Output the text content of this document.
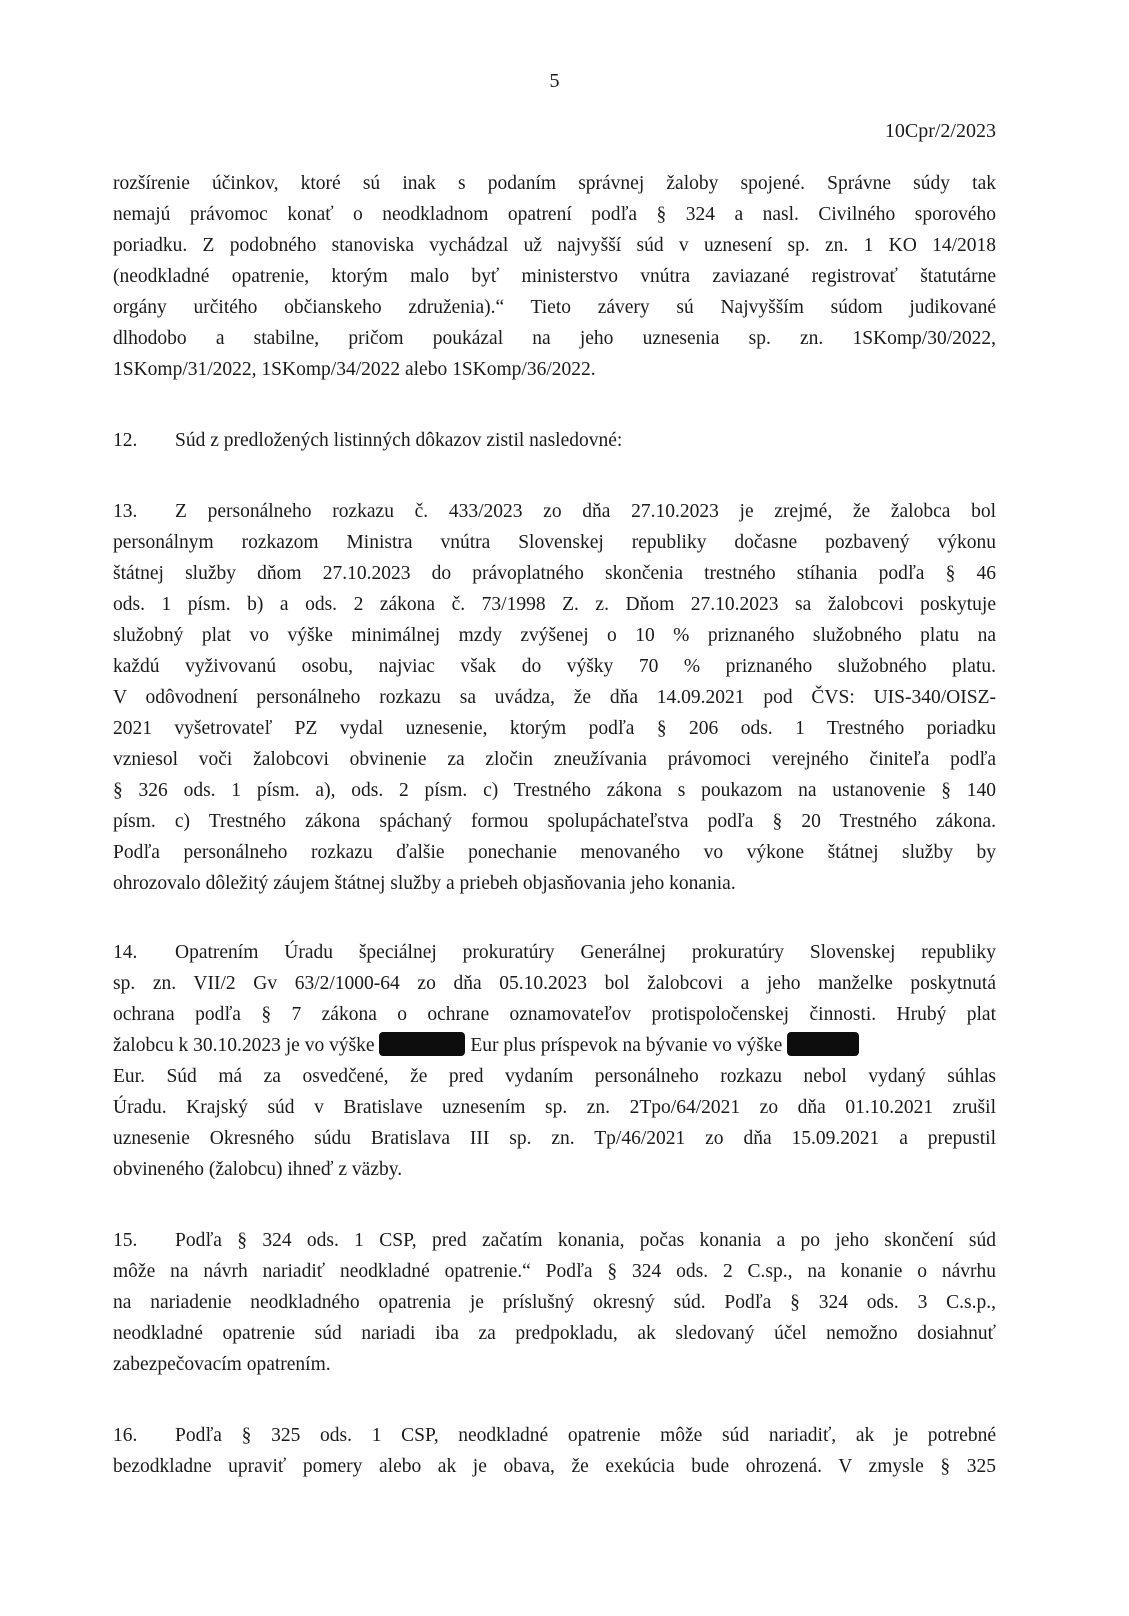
5
10Cpr/2/2023
rozšírenie účinkov, ktoré sú inak s podaním správnej žaloby spojené. Správne súdy tak
nemajú právomoc konať o neodkladnom opatrení podľa § 324 a nasl. Civilného sporového
poriadku. Z podobného stanoviska vychádzal už najvyšší súd v uznesení sp. zn. 1 KO 14/2018
(neodkladné opatrenie, ktorým malo byť ministerstvo vnútra zaviazané registrovať štatutárne
orgány určitého občianskeho združenia).“ Tieto závery sú Najvyšším súdom judikované
dlhodobo a stabilne, pričom poukázal na jeho uznesenia sp. zn. 1SKomp/30/2022,
1SKomp/31/2022, 1SKomp/34/2022 alebo 1SKomp/36/2022.
12. Súd z predložených listinných dôkazov zistil nasledovné:
13. Z personálneho rozkazu č. 433/2023 zo dňa 27.10.2023 je zrejmé, že žalobca bol
personálnym rozkazom Ministra vnútra Slovenskej republiky dočasne pozbavený výkonu
štátnej služby dňom 27.10.2023 do právoplatného skončenia trestného stíhania podľa § 46
ods. 1 písm. b) a ods. 2 zákona č. 73/1998 Z. z. Dňom 27.10.2023 sa žalobcovi poskytuje
služobný plat vo výške minimálnej mzdy zvýšenej o 10 % priznaného služobného platu na
každú vyživovanú osobu, najviac však do výšky 70 % priznaného služobného platu.
V odôvodnení personálneho rozkazu sa uvádza, že dňa 14.09.2021 pod ČVS: UIS-340/OISZ-
2021 vyšetrovateľ PZ vydal uznesenie, ktorým podľa § 206 ods. 1 Trestného poriadku
vzniesol voči žalobcovi obvinenie za zločin zneužívania právomoci verejného činiteľa podľa
§ 326 ods. 1 písm. a), ods. 2 písm. c) Trestného zákona s poukazom na ustanovenie § 140
písm. c) Trestného zákona spáchaný formou spolupáchateľstva podľa § 20 Trestného zákona.
Podľa personálneho rozkazu ďalšie ponechanie menovaného vo výkone štátnej služby by
ohrozovalo dôležitý záujem štátnej služby a priebeh objasňovania jeho konania.
14. Opatrením Úradu špeciálnej prokuratúry Generálnej prokuratúry Slovenskej republiky
sp. zn. VII/2 Gv 63/2/1000-64 zo dňa 05.10.2023 bol žalobcovi a jeho manželke poskytnutá
ochrana podľa § 7 zákona o ochrane oznamovateľov protispoločenskej činnosti. Hrubý plat
žalobcu k 30.10.2023 je vo výške	Eur plus príspevok na bývanie vo výške
Eur. Súd má za osvedčené, že pred vydaním personálneho rozkazu nebol vydaný súhlas
Úradu. Krajský súd v Bratislave uznesením sp. zn. 2Tpo/64/2021 zo dňa 01.10.2021 zrušil
uznesenie Okresného súdu Bratislava III sp. zn. Tp/46/2021 zo dňa 15.09.2021 a prepustil
obvineného (žalobcu) ihneď z väzby.
15. Podľa § 324 ods. 1 CSP, pred začatím konania, počas konania a po jeho skončení súd
môže na návrh nariadiť neodkladné opatrenie.“ Podľa § 324 ods. 2 C.sp., na konanie o návrhu
na nariadenie neodkladného opatrenia je príslušný okresný súd. Podľa § 324 ods. 3 C.s.p.,
neodkladné opatrenie súd nariadi iba za predpokladu, ak sledovaný účel nemožno dosiahnuť
zabezpečovacím opatrením.
16. Podľa § 325 ods. 1 CSP, neodkladné opatrenie môže súd nariadiť, ak je potrebné
bezodkladne upraviť pomery alebo ak je obava, že exekúcia bude ohrozená. V zmysle § 325
